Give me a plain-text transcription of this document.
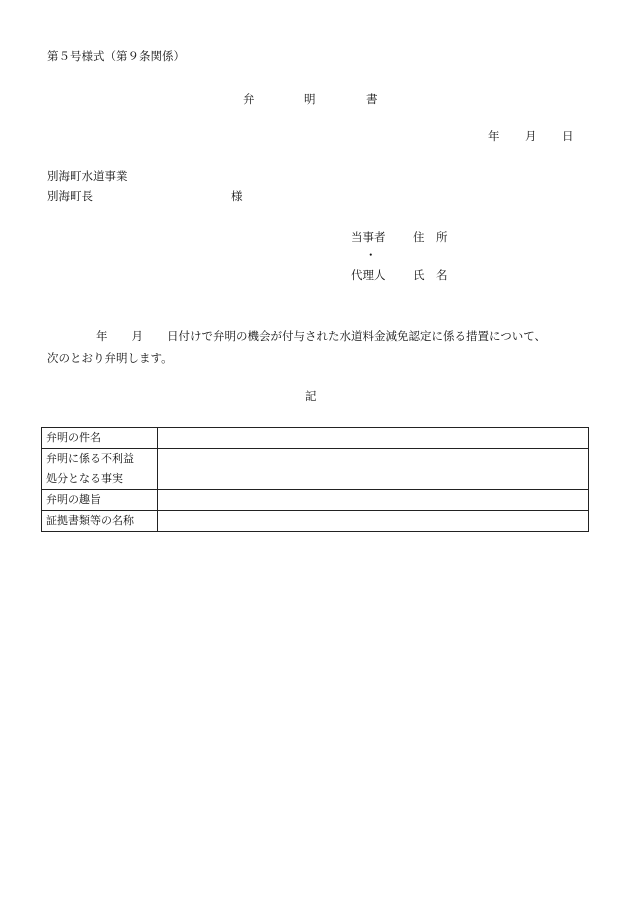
第５号様式（第９条関係）
弁	明	書
年 月 日
別海町水道事業
別海町長	様
当事者 住　所
・
代理人 氏　名
年 月 日付けで弁明の機会が付与された水道料金減免認定に係る措置について、
次のとおり弁明します。
記
弁明の件名	

弁明に係る不利益
処分となる事実	

弁明の趣旨	

証拠書類等の名称	
